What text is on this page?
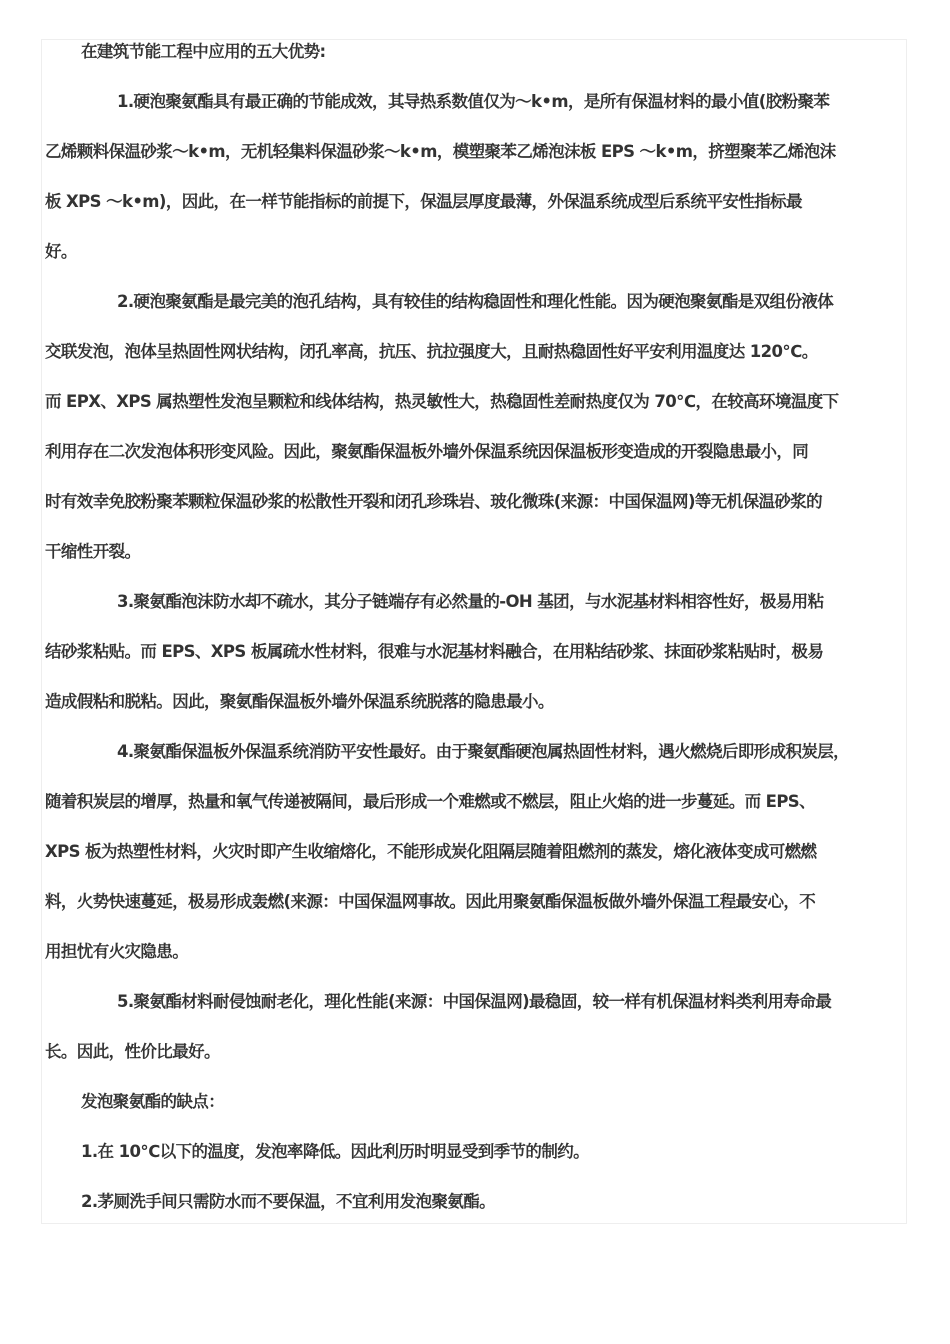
在建筑节能工程中应用的五大优势:
1.硬泡聚氨酯具有最正确的节能成效，其导热系数值仅为～k•m，是所有保温材料的最小值(胶粉聚苯
乙烯颗料保温砂浆～k•m，无机轻集料保温砂浆～k•m，模塑聚苯乙烯泡沫板 EPS ～k•m，挤塑聚苯乙烯泡沫
板 XPS ～k•m)，因此，在一样节能指标的前提下，保温层厚度最薄，外保温系统成型后系统平安性指标最
好。
2.硬泡聚氨酯是最完美的泡孔结构，具有较佳的结构稳固性和理化性能。因为硬泡聚氨酯是双组份液体
交联发泡，泡体呈热固性网状结构，闭孔率高，抗压、抗拉强度大，且耐热稳固性好平安利用温度达 120℃。
而 EPX、XPS 属热塑性发泡呈颗粒和线体结构，热灵敏性大，热稳固性差耐热度仅为 70℃，在较高环境温度下
利用存在二次发泡体积形变风险。因此，聚氨酯保温板外墙外保温系统因保温板形变造成的开裂隐患最小，同
时有效幸免胶粉聚苯颗粒保温砂浆的松散性开裂和闭孔珍珠岩、玻化微珠(来源：中国保温网)等无机保温砂浆的
干缩性开裂。
3.聚氨酯泡沫防水却不疏水，其分子链端存有必然量的-OH 基团，与水泥基材料相容性好，极易用粘
结砂浆粘贴。而 EPS、XPS 板属疏水性材料，很难与水泥基材料融合，在用粘结砂浆、抹面砂浆粘贴时，极易
造成假粘和脱粘。因此，聚氨酯保温板外墙外保温系统脱落的隐患最小。
4.聚氨酯保温板外保温系统消防平安性最好。由于聚氨酯硬泡属热固性材料，遇火燃烧后即形成积炭层，
随着积炭层的增厚，热量和氧气传递被隔间，最后形成一个难燃或不燃层，阻止火焰的进一步蔓延。而 EPS、
XPS 板为热塑性材料，火灾时即产生收缩熔化，不能形成炭化阻隔层随着阻燃剂的蒸发，熔化液体变成可燃燃
料，火势快速蔓延，极易形成轰燃(来源：中国保温网事故。因此用聚氨酯保温板做外墙外保温工程最安心，不
用担忧有火灾隐患。
5.聚氨酯材料耐侵蚀耐老化，理化性能(来源：中国保温网)最稳固，较一样有机保温材料类利用寿命最
长。因此，性价比最好。
发泡聚氨酯的缺点：
1.在 10℃以下的温度，发泡率降低。因此利历时明显受到季节的制约。
2.茅厕洗手间只需防水而不要保温，不宜利用发泡聚氨酯。
